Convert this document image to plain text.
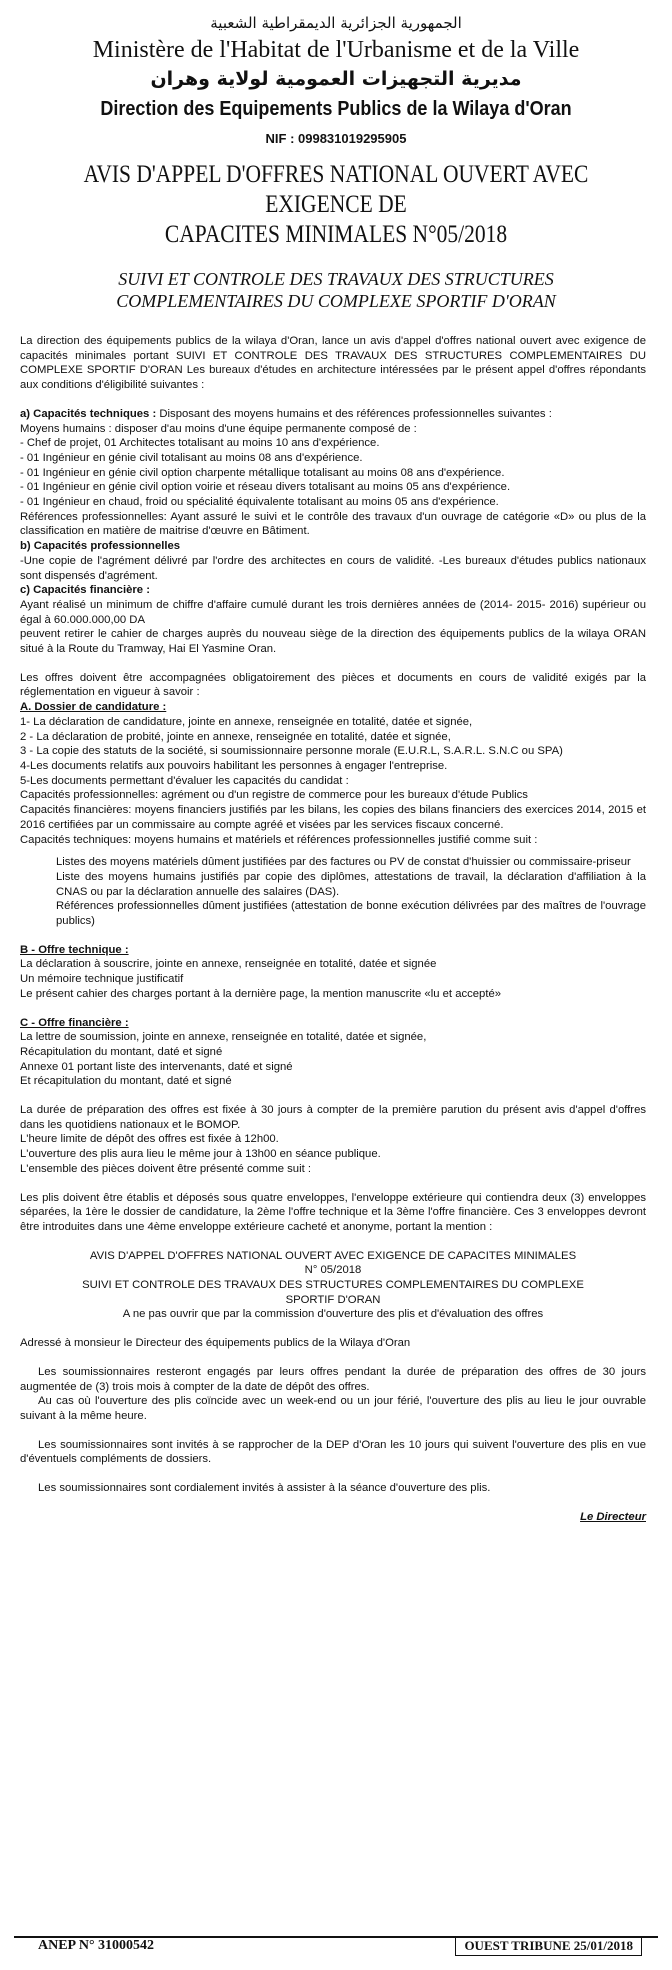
الجمهورية الجزائرية الديمقراطية الشعبية
Ministère de l'Habitat de l'Urbanisme et de la Ville
مديرية التجهيزات العمومية لولاية وهران
Direction des Equipements Publics de la Wilaya d'Oran
NIF : 099831019295905
AVIS D'APPEL D'OFFRES NATIONAL OUVERT AVEC EXIGENCE DE
CAPACITES MINIMALES N°05/2018
SUIVI ET CONTROLE DES TRAVAUX DES STRUCTURES
COMPLEMENTAIRES DU COMPLEXE SPORTIF D'ORAN

La direction des équipements publics de la wilaya d'Oran, lance un avis d'appel d'offres national ouvert avec exigence de capacités minimales portant SUIVI ET CONTROLE DES TRAVAUX DES STRUCTURES COMPLEMENTAIRES DU COMPLEXE SPORTIF D'ORAN Les bureaux d'études en architecture intéressées par le présent appel d'offres répondants aux conditions d'éligibilité suivantes :

a) Capacités techniques : Disposant des moyens humains et des références professionnelles suivantes :

Moyens humains : disposer d'au moins d'une équipe permanente composé de :

- Chef de projet, 01 Architectes totalisant au moins 10 ans d'expérience.

- 01 Ingénieur en génie civil totalisant au moins 08 ans d'expérience.

- 01 Ingénieur en génie civil option charpente métallique totalisant au moins 08 ans d'expérience.

- 01 Ingénieur en génie civil option voirie et réseau divers totalisant au moins 05 ans d'expérience.

- 01 Ingénieur en chaud, froid ou spécialité équivalente totalisant au moins 05 ans d'expérience.

Références professionnelles: Ayant assuré le suivi et le contrôle des travaux d'un ouvrage de catégorie «D» ou plus de la classification en matière de maitrise d'œuvre en Bâtiment.

b) Capacités professionnelles

-Une copie de l'agrément délivré par l'ordre des architectes en cours de validité. -Les bureaux d'études publics nationaux sont dispensés d'agrément.

c) Capacités financière :

Ayant réalisé un minimum de chiffre d'affaire cumulé durant les trois dernières années de (2014- 2015- 2016) supérieur ou égal à 60.000.000,00 DA

peuvent retirer le cahier de charges auprès du nouveau siège de la direction des équipements publics de la wilaya ORAN situé à la Route du Tramway, Hai El Yasmine Oran.

Les offres doivent être accompagnées obligatoirement des pièces et documents en cours de validité exigés par la réglementation en vigueur à savoir :

A. Dossier de candidature :

1- La déclaration de candidature, jointe en annexe, renseignée en totalité, datée et signée,

2 - La déclaration de probité, jointe en annexe, renseignée en totalité, datée et signée,

3 - La copie des statuts de la société, si soumissionnaire personne morale (E.U.R.L, S.A.R.L. S.N.C ou SPA)

4-Les documents relatifs aux pouvoirs habilitant les personnes à engager l'entreprise.

5-Les documents permettant d'évaluer les capacités du candidat :

Capacités professionnelles: agrément ou d'un registre de commerce pour les bureaux d'étude Publics

Capacités financières: moyens financiers justifiés par les bilans, les copies des bilans financiers des exercices 2014, 2015 et 2016 certifiées par un commissaire au compte agréé et visées par les services fiscaux concerné.

Capacités techniques: moyens humains et matériels et références professionnelles justifié comme suit :

Listes des moyens matériels dûment justifiées par des factures ou PV de constat d'huissier ou commissaire-priseur

Liste des moyens humains justifiés par copie des diplômes, attestations de travail, la déclaration d'affiliation à la CNAS ou par la déclaration annuelle des salaires (DAS).

Références professionnelles dûment justifiées (attestation de bonne exécution délivrées par des maîtres de l'ouvrage publics)

B - Offre technique :

La déclaration à souscrire, jointe en annexe, renseignée en totalité, datée et signée

Un mémoire technique justificatif

Le présent cahier des charges portant à la dernière page, la mention manuscrite «lu et accepté»

C - Offre financière :

La lettre de soumission, jointe en annexe, renseignée en totalité, datée et signée,

Récapitulation du montant, daté et signé

Annexe 01 portant liste des intervenants, daté et signé

Et récapitulation du montant, daté et signé

La durée de préparation des offres est fixée à 30 jours à compter de la première parution du présent avis d'appel d'offres dans les quotidiens nationaux et le BOMOP.

L'heure limite de dépôt des offres est fixée à 12h00.

L'ouverture des plis aura lieu le même jour à 13h00 en séance publique.

L'ensemble des pièces doivent être présenté comme suit :

Les plis doivent être établis et déposés sous quatre enveloppes, l'enveloppe extérieure qui contiendra deux (3) enveloppes séparées, la 1ère le dossier de candidature, la 2ème l'offre technique et la 3ème l'offre financière. Ces 3 enveloppes devront être introduites dans une 4ème enveloppe extérieure cacheté et anonyme, portant la mention :

AVIS D'APPEL D'OFFRES NATIONAL OUVERT AVEC EXIGENCE DE CAPACITES MINIMALES

N° 05/2018

SUIVI ET CONTROLE DES TRAVAUX DES STRUCTURES COMPLEMENTAIRES DU COMPLEXE

SPORTIF D'ORAN

A ne pas ouvrir que par la commission d'ouverture des plis et d'évaluation des offres

Adressé à monsieur le Directeur des équipements publics de la Wilaya d'Oran

Les soumissionnaires resteront engagés par leurs offres pendant la durée de préparation des offres de 30 jours augmentée de (3) trois mois à compter de la date de dépôt des offres.

Au cas où l'ouverture des plis coïncide avec un week-end ou un jour férié, l'ouverture des plis au lieu le jour ouvrable suivant à la même heure.

Les soumissionnaires sont invités à se rapprocher de la DEP d'Oran les 10 jours qui suivent l'ouverture des plis en vue d'éventuels compléments de dossiers.

Les soumissionnaires sont cordialement invités à assister à la séance d'ouverture des plis.

Le Directeur

ANEP N° 31000542	OUEST TRIBUNE 25/01/2018
